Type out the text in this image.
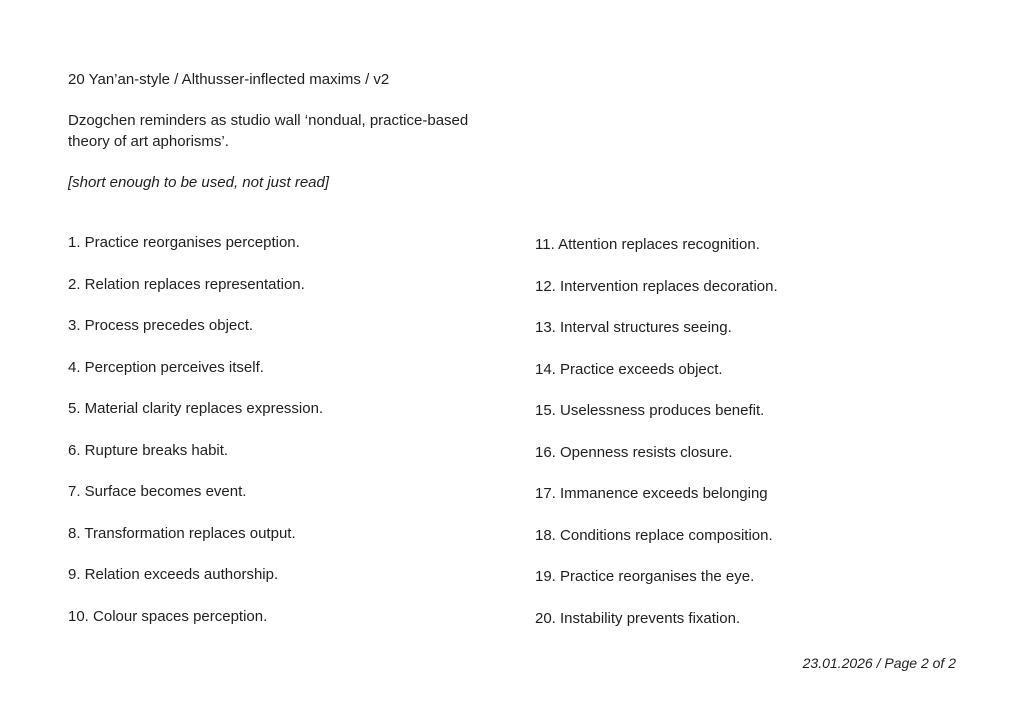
20 Yan’an-style / Althusser-inflected maxims / v2

Dzogchen reminders as studio wall ‘nondual, practice-based theory of art aphorisms’.

[short enough to be used, not just read]

1. Practice reorganises perception.

2. Relation replaces representation.

3. Process precedes object.

4. Perception perceives itself.

5. Material clarity replaces expression.

6. Rupture breaks habit.

7. Surface becomes event.

8. Transformation replaces output.

9. Relation exceeds authorship.

10. Colour spaces perception.

11. Attention replaces recognition.

12. Intervention replaces decoration.

13. Interval structures seeing.

14. Practice exceeds object.

15. Uselessness produces benefit.

16. Openness resists closure.

17. Immanence exceeds belonging

18. Conditions replace composition.

19. Practice reorganises the eye.

20. Instability prevents fixation.

23.01.2026 / Page 2 of 2
